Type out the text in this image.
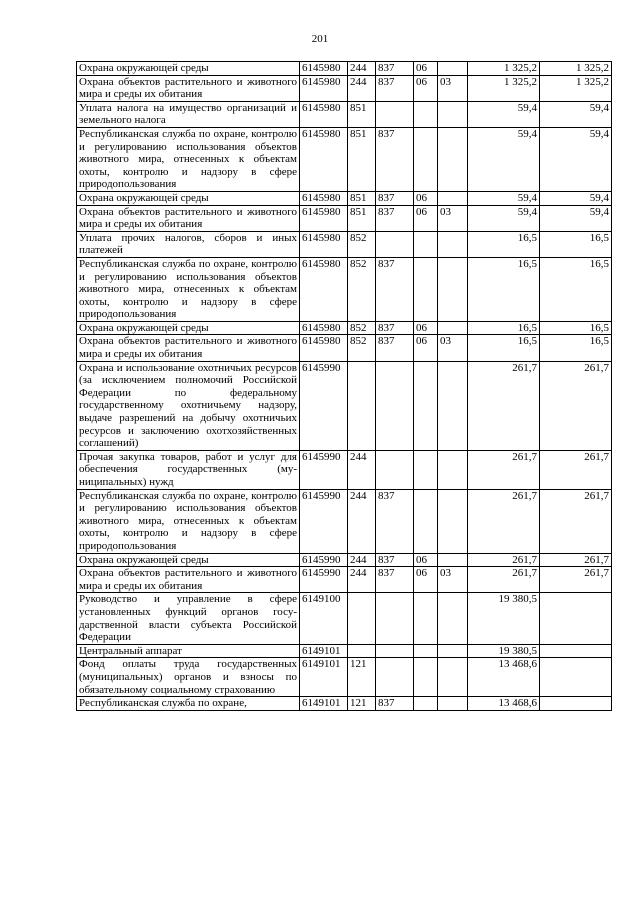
201
Охрана окружающей среды	6145980	244	837	06		1 325,2	1 325,2
Охрана объектов растительного и животного мира и среды их обитания	6145980	244	837	06	03	1 325,2	1 325,2
Уплата налога на имущество организаций и земельного налога	6145980	851				59,4	59,4
Республиканская служба по охране, контролю и регулированию использования объектов животного мира, отнесенных к объектам охоты, контролю и надзору в сфере природопользования	6145980	851	837			59,4	59,4
Охрана окружающей среды	6145980	851	837	06		59,4	59,4
Охрана объектов растительного и животного мира и среды их обитания	6145980	851	837	06	03	59,4	59,4
Уплата прочих налогов, сборов и иных платежей	6145980	852				16,5	16,5
Республиканская служба по охране, контролю и регулированию использования объектов животного мира, отнесенных к объектам охоты, контролю и надзору в сфере природопользования	6145980	852	837			16,5	16,5
Охрана окружающей среды	6145980	852	837	06		16,5	16,5
Охрана объектов растительного и животного мира и среды их обитания	6145980	852	837	06	03	16,5	16,5
Охрана и использование охотничьих ресурсов (за исключением полномочий Российской Федерации по федеральному государственному охотничьему надзору, выдаче разрешений на добычу охотничьих ресурсов и заключению охотхозяйственных соглашений)	6145990					261,7	261,7
Прочая закупка товаров, работ и услуг для обеспечения государственных (муниципальных) нужд	6145990	244				261,7	261,7
Республиканская служба по охране, контролю и регулированию использования объектов животного мира, отнесенных к объектам охоты, контролю и надзору в сфере природопользования	6145990	244	837			261,7	261,7
Охрана окружающей среды	6145990	244	837	06		261,7	261,7
Охрана объектов растительного и животного мира и среды их обитания	6145990	244	837	06	03	261,7	261,7
Руководство и управление в сфере установленных функций органов государственной власти субъекта Российской Федерации	6149100					19 380,5	
Центральный аппарат	6149101					19 380,5	
Фонд оплаты труда государственных (муниципальных) органов и взносы по обязательному социальному страхованию	6149101	121				13 468,6	
Республиканская служба по охране,	6149101	121	837			13 468,6	
